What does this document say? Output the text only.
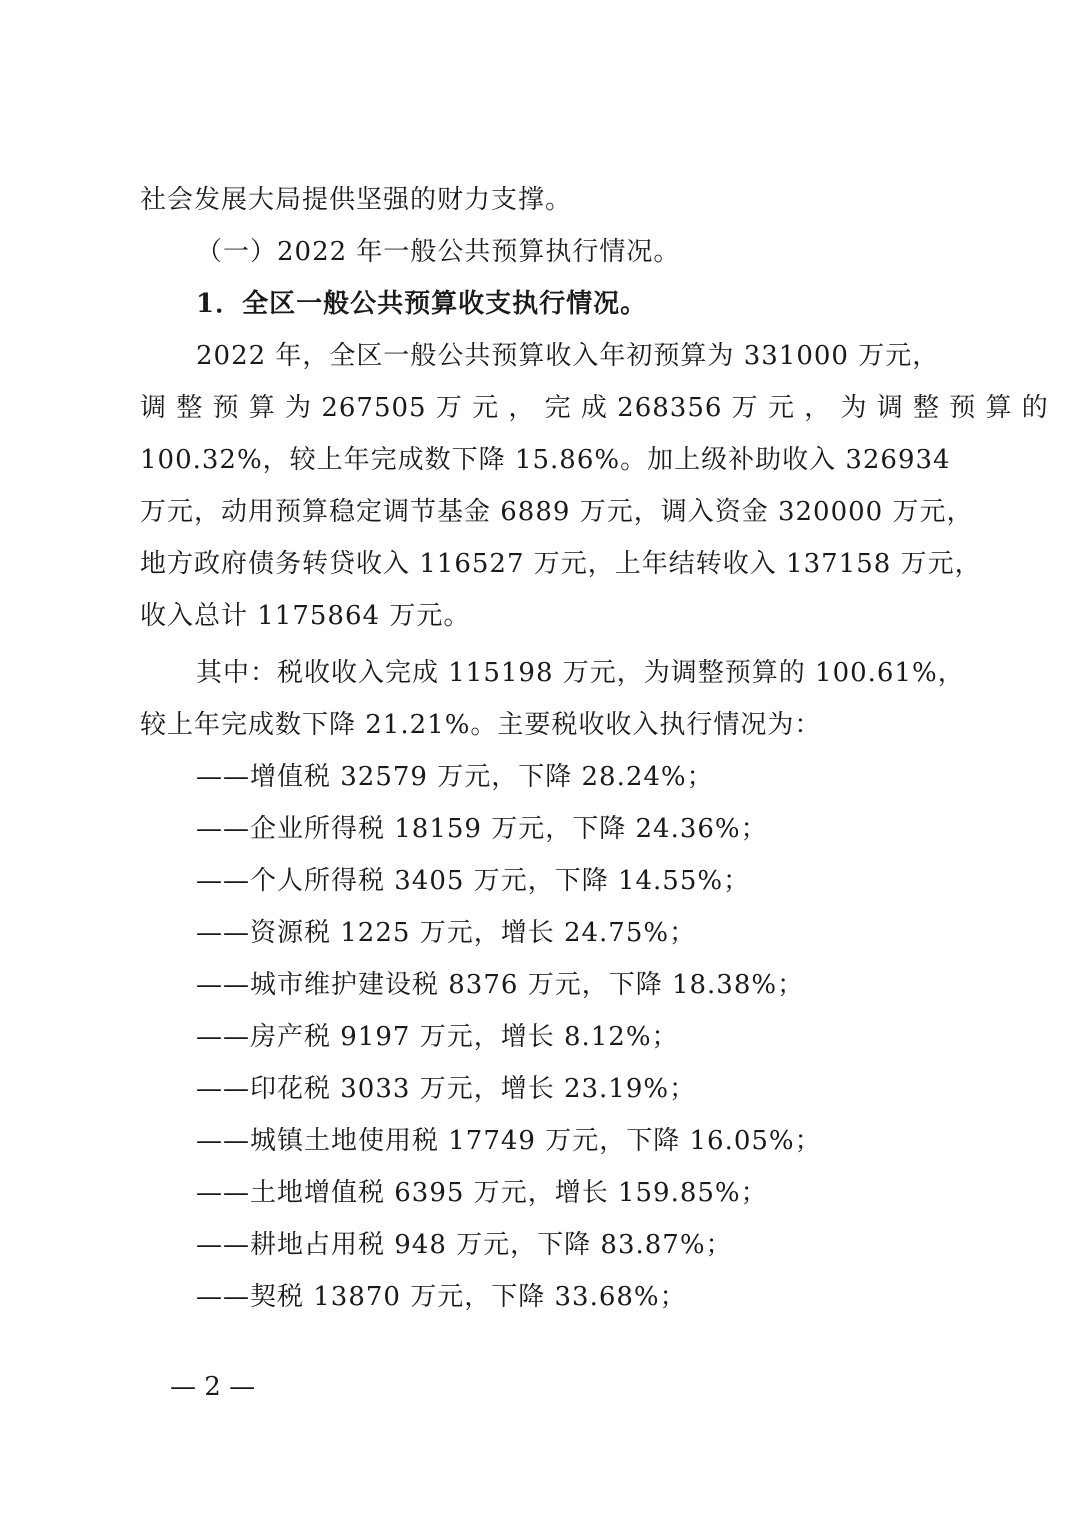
社会发展大局提供坚强的财力支撑。
（一）2022 年一般公共预算执行情况。
1．全区一般公共预算收支执行情况。
2022 年，全区一般公共预算收入年初预算为 331000 万元，
调 整 预 算 为 267505 万 元 ， 完 成 268356 万 元 ， 为 调 整 预 算 的
100.32%，较上年完成数下降 15.86%。加上级补助收入 326934
万元，动用预算稳定调节基金 6889 万元，调入资金 320000 万元，
地方政府债务转贷收入 116527 万元，上年结转收入 137158 万元，
收入总计 1175864 万元。
其中：税收收入完成 115198 万元，为调整预算的 100.61%，
较上年完成数下降 21.21%。主要税收收入执行情况为：
——增值税 32579 万元，下降 28.24%；
——企业所得税 18159 万元，下降 24.36%；
——个人所得税 3405 万元，下降 14.55%；
——资源税 1225 万元，增长 24.75%；
——城市维护建设税 8376 万元，下降 18.38%；
——房产税 9197 万元，增长 8.12%；
——印花税 3033 万元，增长 23.19%；
——城镇土地使用税 17749 万元，下降 16.05%；
——土地增值税 6395 万元，增长 159.85%；
——耕地占用税 948 万元，下降 83.87%；
——契税 13870 万元，下降 33.68%；
— 2 —
